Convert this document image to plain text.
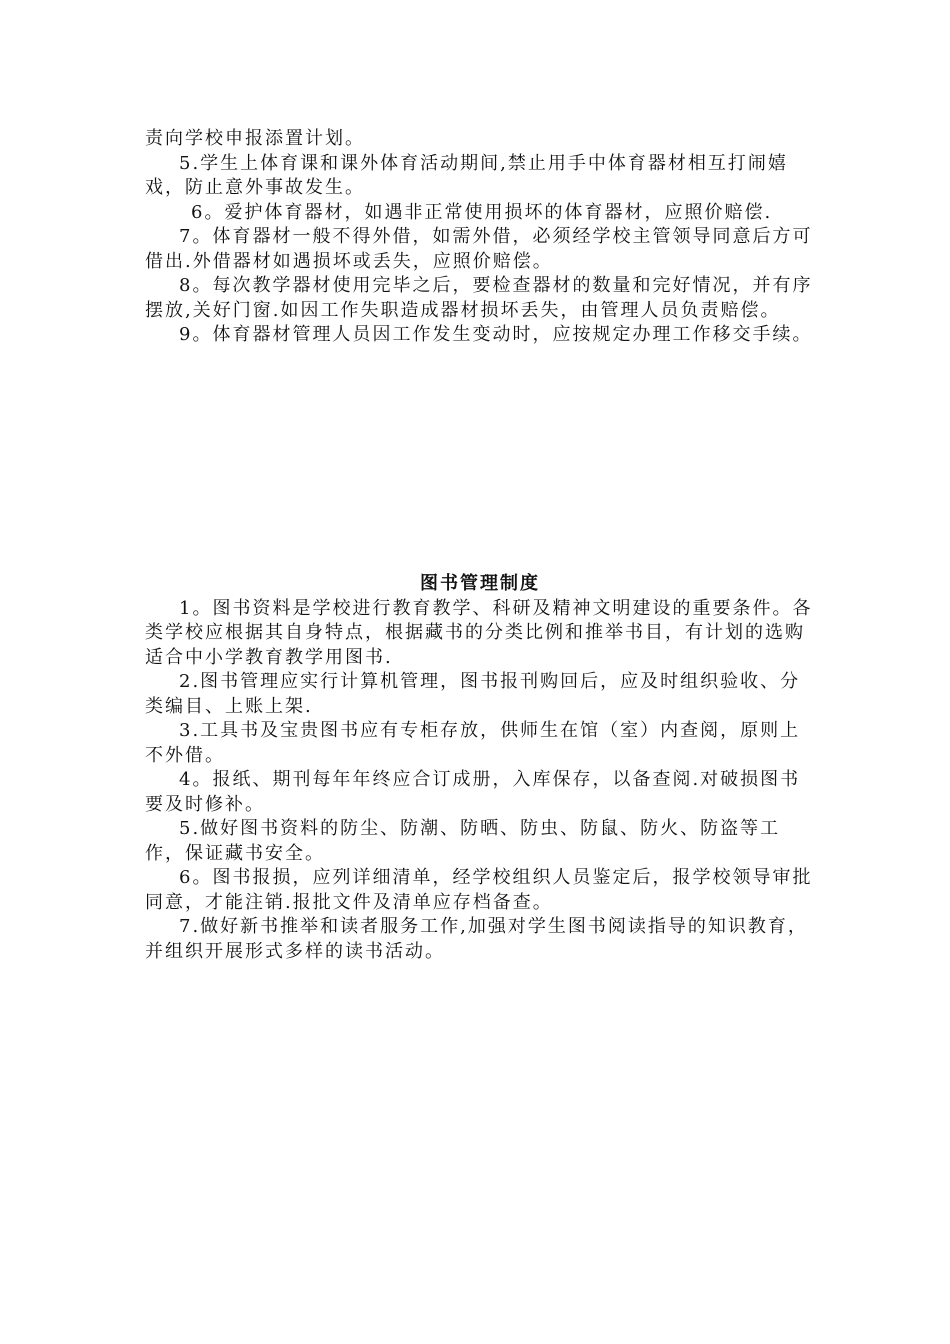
责向学校申报添置计划。

5.学生上体育课和课外体育活动期间,禁止用手中体育器材相互打闹嬉戏，防止意外事故发生。

6。爱护体育器材，如遇非正常使用损坏的体育器材，应照价赔偿.

7。体育器材一般不得外借，如需外借，必须经学校主管领导同意后方可借出.外借器材如遇损坏或丢失，应照价赔偿。

8。每次教学器材使用完毕之后，要检查器材的数量和完好情况，并有序摆放,关好门窗.如因工作失职造成器材损坏丢失，由管理人员负责赔偿。

9。体育器材管理人员因工作发生变动时，应按规定办理工作移交手续。

图书管理制度

1。图书资料是学校进行教育教学、科研及精神文明建设的重要条件。各类学校应根据其自身特点，根据藏书的分类比例和推举书目，有计划的选购适合中小学教育教学用图书.

2.图书管理应实行计算机管理，图书报刊购回后，应及时组织验收、分类编目、上账上架.

3.工具书及宝贵图书应有专柜存放，供师生在馆（室）内查阅，原则上不外借。

4。报纸、期刊每年年终应合订成册，入库保存，以备查阅.对破损图书要及时修补。

5.做好图书资料的防尘、防潮、防晒、防虫、防鼠、防火、防盗等工作，保证藏书安全。

6。图书报损，应列详细清单，经学校组织人员鉴定后，报学校领导审批同意，才能注销.报批文件及清单应存档备查。

7.做好新书推举和读者服务工作,加强对学生图书阅读指导的知识教育，并组织开展形式多样的读书活动。
